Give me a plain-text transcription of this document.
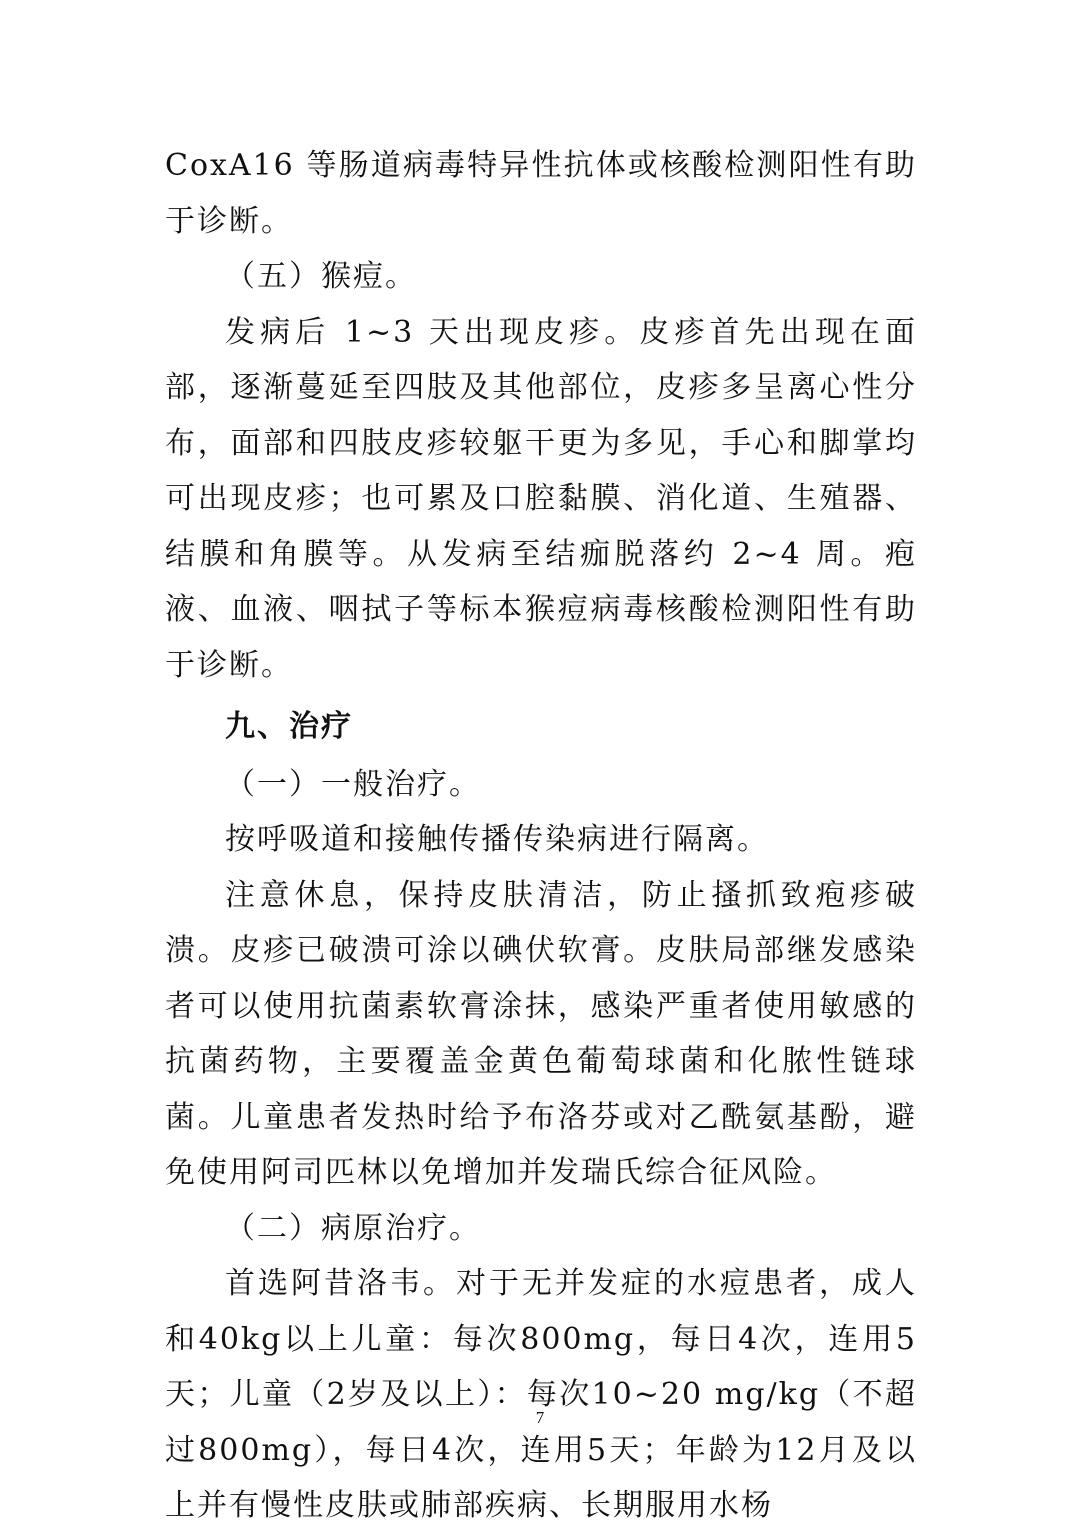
CoxA16 等肠道病毒特异性抗体或核酸检测阳性有助于诊断。

（五）猴痘。

发病后 1~3 天出现皮疹。皮疹首先出现在面部，逐渐蔓延至四肢及其他部位，皮疹多呈离心性分布，面部和四肢皮疹较躯干更为多见，手心和脚掌均可出现皮疹；也可累及口腔黏膜、消化道、生殖器、结膜和角膜等。从发病至结痂脱落约 2~4 周。疱液、血液、咽拭子等标本猴痘病毒核酸检测阳性有助于诊断。

九、治疗

（一）一般治疗。

按呼吸道和接触传播传染病进行隔离。

注意休息，保持皮肤清洁，防止搔抓致疱疹破溃。皮疹已破溃可涂以碘伏软膏。皮肤局部继发感染者可以使用抗菌素软膏涂抹，感染严重者使用敏感的抗菌药物，主要覆盖金黄色葡萄球菌和化脓性链球菌。儿童患者发热时给予布洛芬或对乙酰氨基酚，避免使用阿司匹林以免增加并发瑞氏综合征风险。

（二）病原治疗。

首选阿昔洛韦。对于无并发症的水痘患者，成人和40kg以上儿童：每次800mg，每日4次，连用5天；儿童（2岁及以上）：每次10~20 mg/kg（不超过800mg），每日4次，连用5天；年龄为12月及以上并有慢性皮肤或肺部疾病、长期服用水杨

7
